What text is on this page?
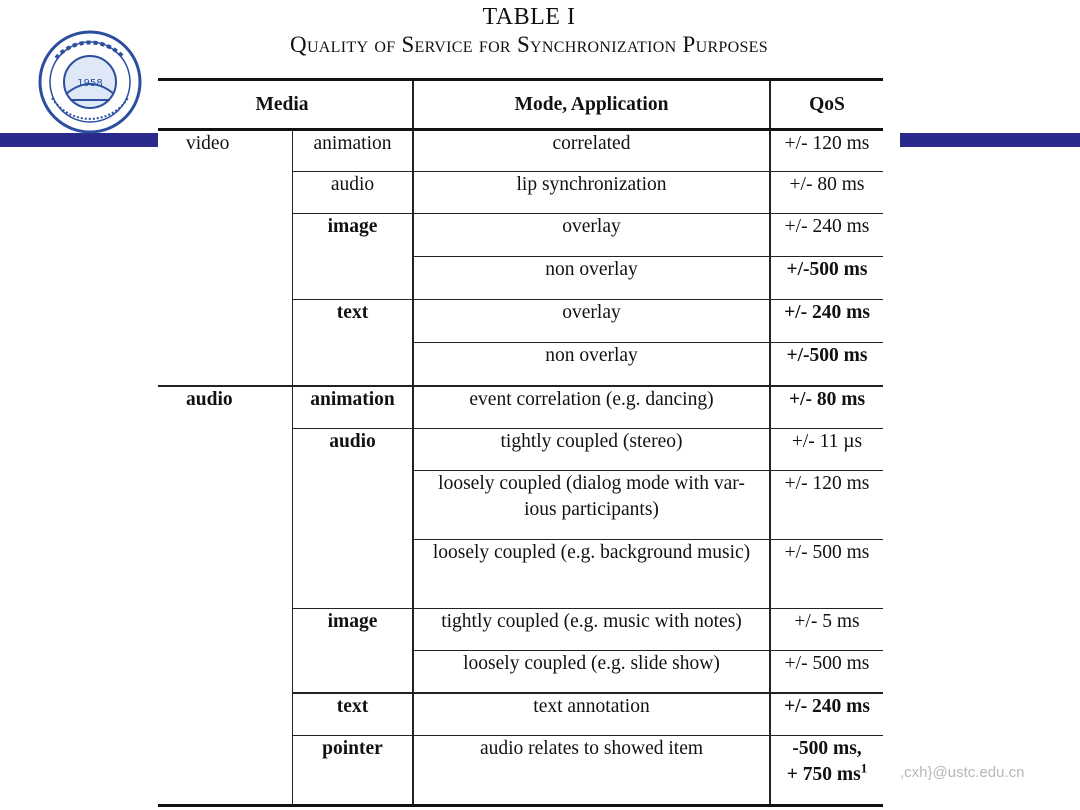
1958
TABLE I
Quality of Service for Synchronization Purposes
Media		Mode, Application	QoS
video	animation	correlated	+/- 120 ms
	audio	lip synchronization	+/- 80 ms
	image	overlay	+/- 240 ms
		non overlay	+/-500 ms
	text	overlay	+/- 240 ms
		non overlay	+/-500 ms
audio	animation	event correlation (e.g. dancing)	+/- 80 ms
	audio	tightly coupled (stereo)	+/- 11 µs
		loosely coupled (dialog mode with var- ious participants)	+/- 120 ms
		loosely coupled (e.g. background music)	+/- 500 ms
	image	tightly coupled (e.g. music with notes)	+/- 5 ms
		loosely coupled (e.g. slide show)	+/- 500 ms
	text	text annotation	+/- 240 ms
	pointer	audio relates to showed item	-500 ms,
+ 750 ms$^1$ ,cxh}@ustc.edu.cn
